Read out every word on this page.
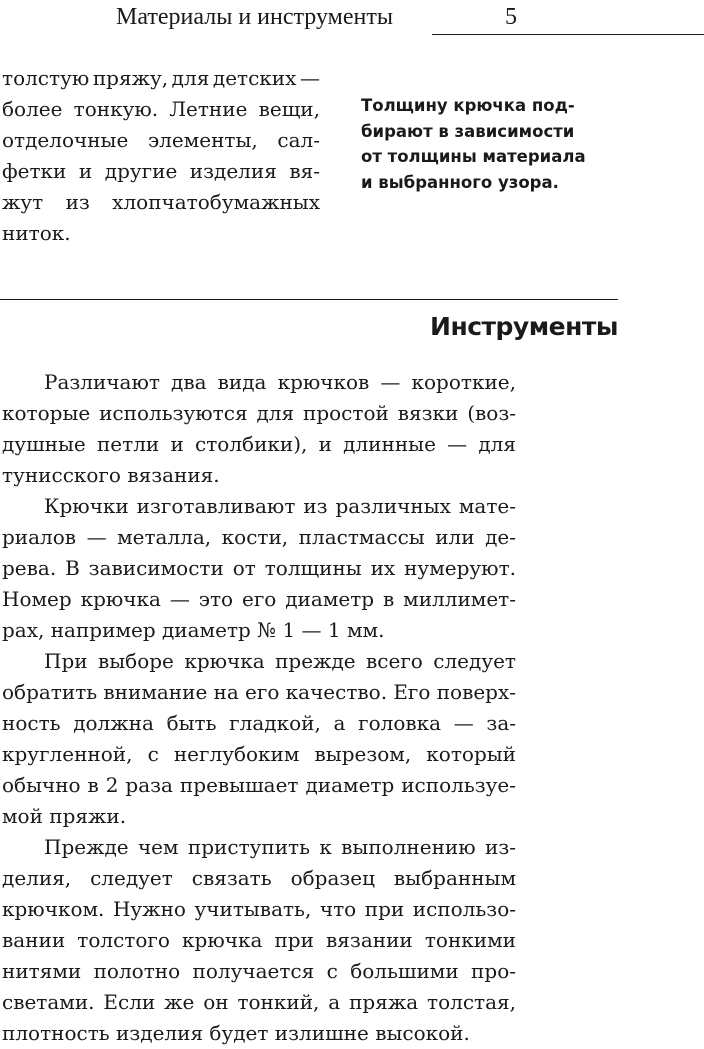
Материалы и инструменты	5
толстую пряжу, для детских —
более тонкую. Летние вещи,
отделочные элементы, сал-
фетки и другие изделия вя-
жут из хлопчатобумажных
ниток.
Толщину крючка под-
бирают в зависимости
от толщины материала
и выбранного узора.
Инструменты
Различают два вида крючков — короткие,
которые используются для простой вязки (воз-
душные петли и столбики), и длинные — для
тунисского вязания.
Крючки изготавливают из различных мате-
риалов — металла, кости, пластмассы или де-
рева. В зависимости от толщины их нумеруют.
Номер крючка — это его диаметр в миллимет-
рах, например диаметр № 1 — 1 мм.
При выборе крючка прежде всего следует
обратить внимание на его качество. Его поверх-
ность должна быть гладкой, а головка — за-
кругленной, с неглубоким вырезом, который
обычно в 2 раза превышает диаметр используе-
мой пряжи.
Прежде чем приступить к выполнению из-
делия, следует связать образец выбранным
крючком. Нужно учитывать, что при использо-
вании толстого крючка при вязании тонкими
нитями полотно получается с большими про-
светами. Если же он тонкий, а пряжа толстая,
плотность изделия будет излишне высокой.
